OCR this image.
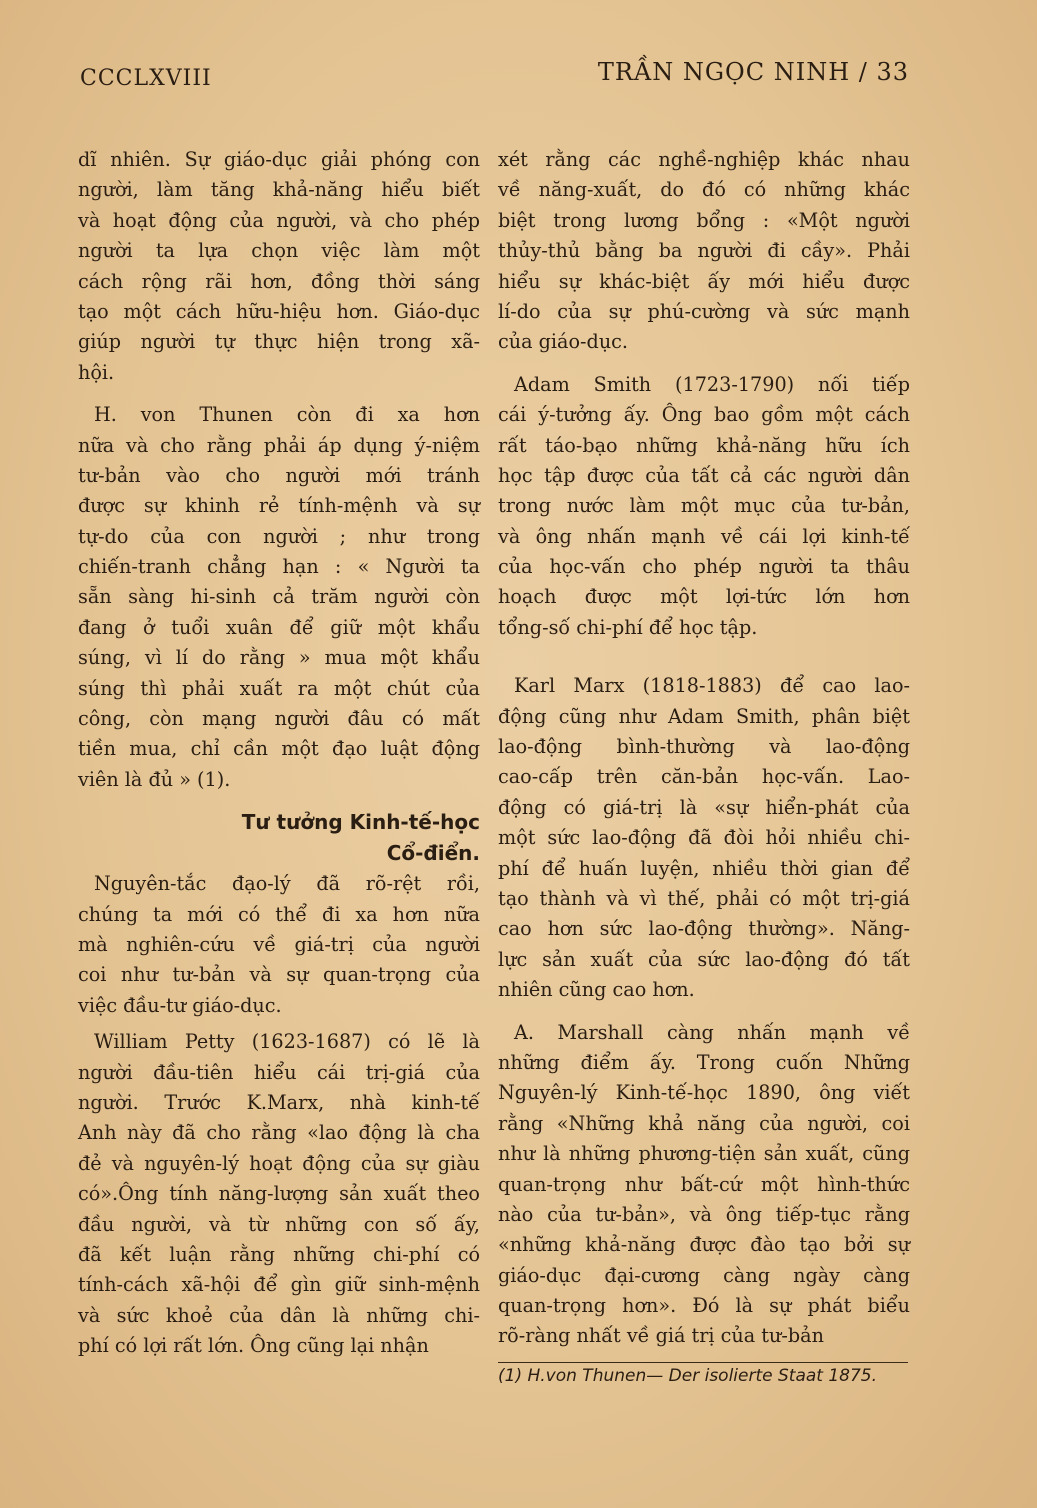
CCCLXVIII	TRẦN NGỌC NINH / 33
dĩ nhiên. Sự giáo-dục giải phóng con
người, làm tăng khả-năng hiểu biết
và hoạt động của người, và cho phép
người ta lựa chọn việc làm một
cách rộng rãi hơn, đồng thời sáng
tạo một cách hữu-hiệu hơn. Giáo-dục
giúp người tự thực hiện trong xã-
hội.
H. von Thunen còn đi xa hơn
nữa và cho rằng phải áp dụng ý-niệm
tư-bản vào cho người mới tránh
được sự khinh rẻ tính-mệnh và sự
tự-do của con người ; như trong
chiến-tranh chẳng hạn : « Người ta
sẵn sàng hi-sinh cả trăm người còn
đang ở tuổi xuân để giữ một khẩu
súng, vì lí do rằng » mua một khẩu
súng thì phải xuất ra một chút của
công, còn mạng người đâu có mất
tiền mua, chỉ cần một đạo luật động
viên là đủ » (1).
Tư tưởng Kinh-tế-học
Cổ-điển.
Nguyên-tắc đạo-lý đã rõ-rệt rồi,
chúng ta mới có thể đi xa hơn nữa
mà nghiên-cứu về giá-trị của người
coi như tư-bản và sự quan-trọng của
việc đầu-tư giáo-dục.
William Petty (1623-1687) có lẽ là
người đầu-tiên hiểu cái trị-giá của
người. Trước K.Marx, nhà kinh-tế
Anh này đã cho rằng «lao động là cha
đẻ và nguyên-lý hoạt động của sự giàu
có».Ông tính năng-lượng sản xuất theo
đầu người, và từ những con số ấy,
đã kết luận rằng những chi-phí có
tính-cách xã-hội để gìn giữ sinh-mệnh
và sức khoẻ của dân là những chi-
phí có lợi rất lớn. Ông cũng lại nhận
xét rằng các nghề-nghiệp khác nhau
về năng-xuất, do đó có những khác
biệt trong lương bổng : «Một người
thủy-thủ bằng ba người đi cầy». Phải
hiểu sự khác-biệt ấy mới hiểu được
lí-do của sự phú-cường và sức mạnh
của giáo-dục.
Adam Smith (1723-1790) nối tiếp
cái ý-tưởng ấy. Ông bao gồm một cách
rất táo-bạo những khả-năng hữu ích
học tập được của tất cả các người dân
trong nước làm một mục của tư-bản,
và ông nhấn mạnh về cái lợi kinh-tế
của học-vấn cho phép người ta thâu
hoạch được một lợi-tức lớn hơn
tổng-số chi-phí để học tập.
Karl Marx (1818-1883) để cao lao-
động cũng như Adam Smith, phân biệt
lao-động bình-thường và lao-động
cao-cấp trên căn-bản học-vấn. Lao-
động có giá-trị là «sự hiển-phát của
một sức lao-động đã đòi hỏi nhiều chi-
phí để huấn luyện, nhiều thời gian để
tạo thành và vì thế, phải có một trị-giá
cao hơn sức lao-động thường». Năng-
lực sản xuất của sức lao-động đó tất
nhiên cũng cao hơn.
A. Marshall càng nhấn mạnh về
những điểm ấy. Trong cuốn Những
Nguyên-lý Kinh-tế-học 1890, ông viết
rằng «Những khả năng của người, coi
như là những phương-tiện sản xuất, cũng
quan-trọng như bất-cứ một hình-thức
nào của tư-bản», và ông tiếp-tục rằng
«những khả-năng được đào tạo bởi sự
giáo-dục đại-cương càng ngày càng
quan-trọng hơn». Đó là sự phát biểu
rõ-ràng nhất về giá trị của tư-bản
(1) H.von Thunen— Der isolierte Staat 1875.
